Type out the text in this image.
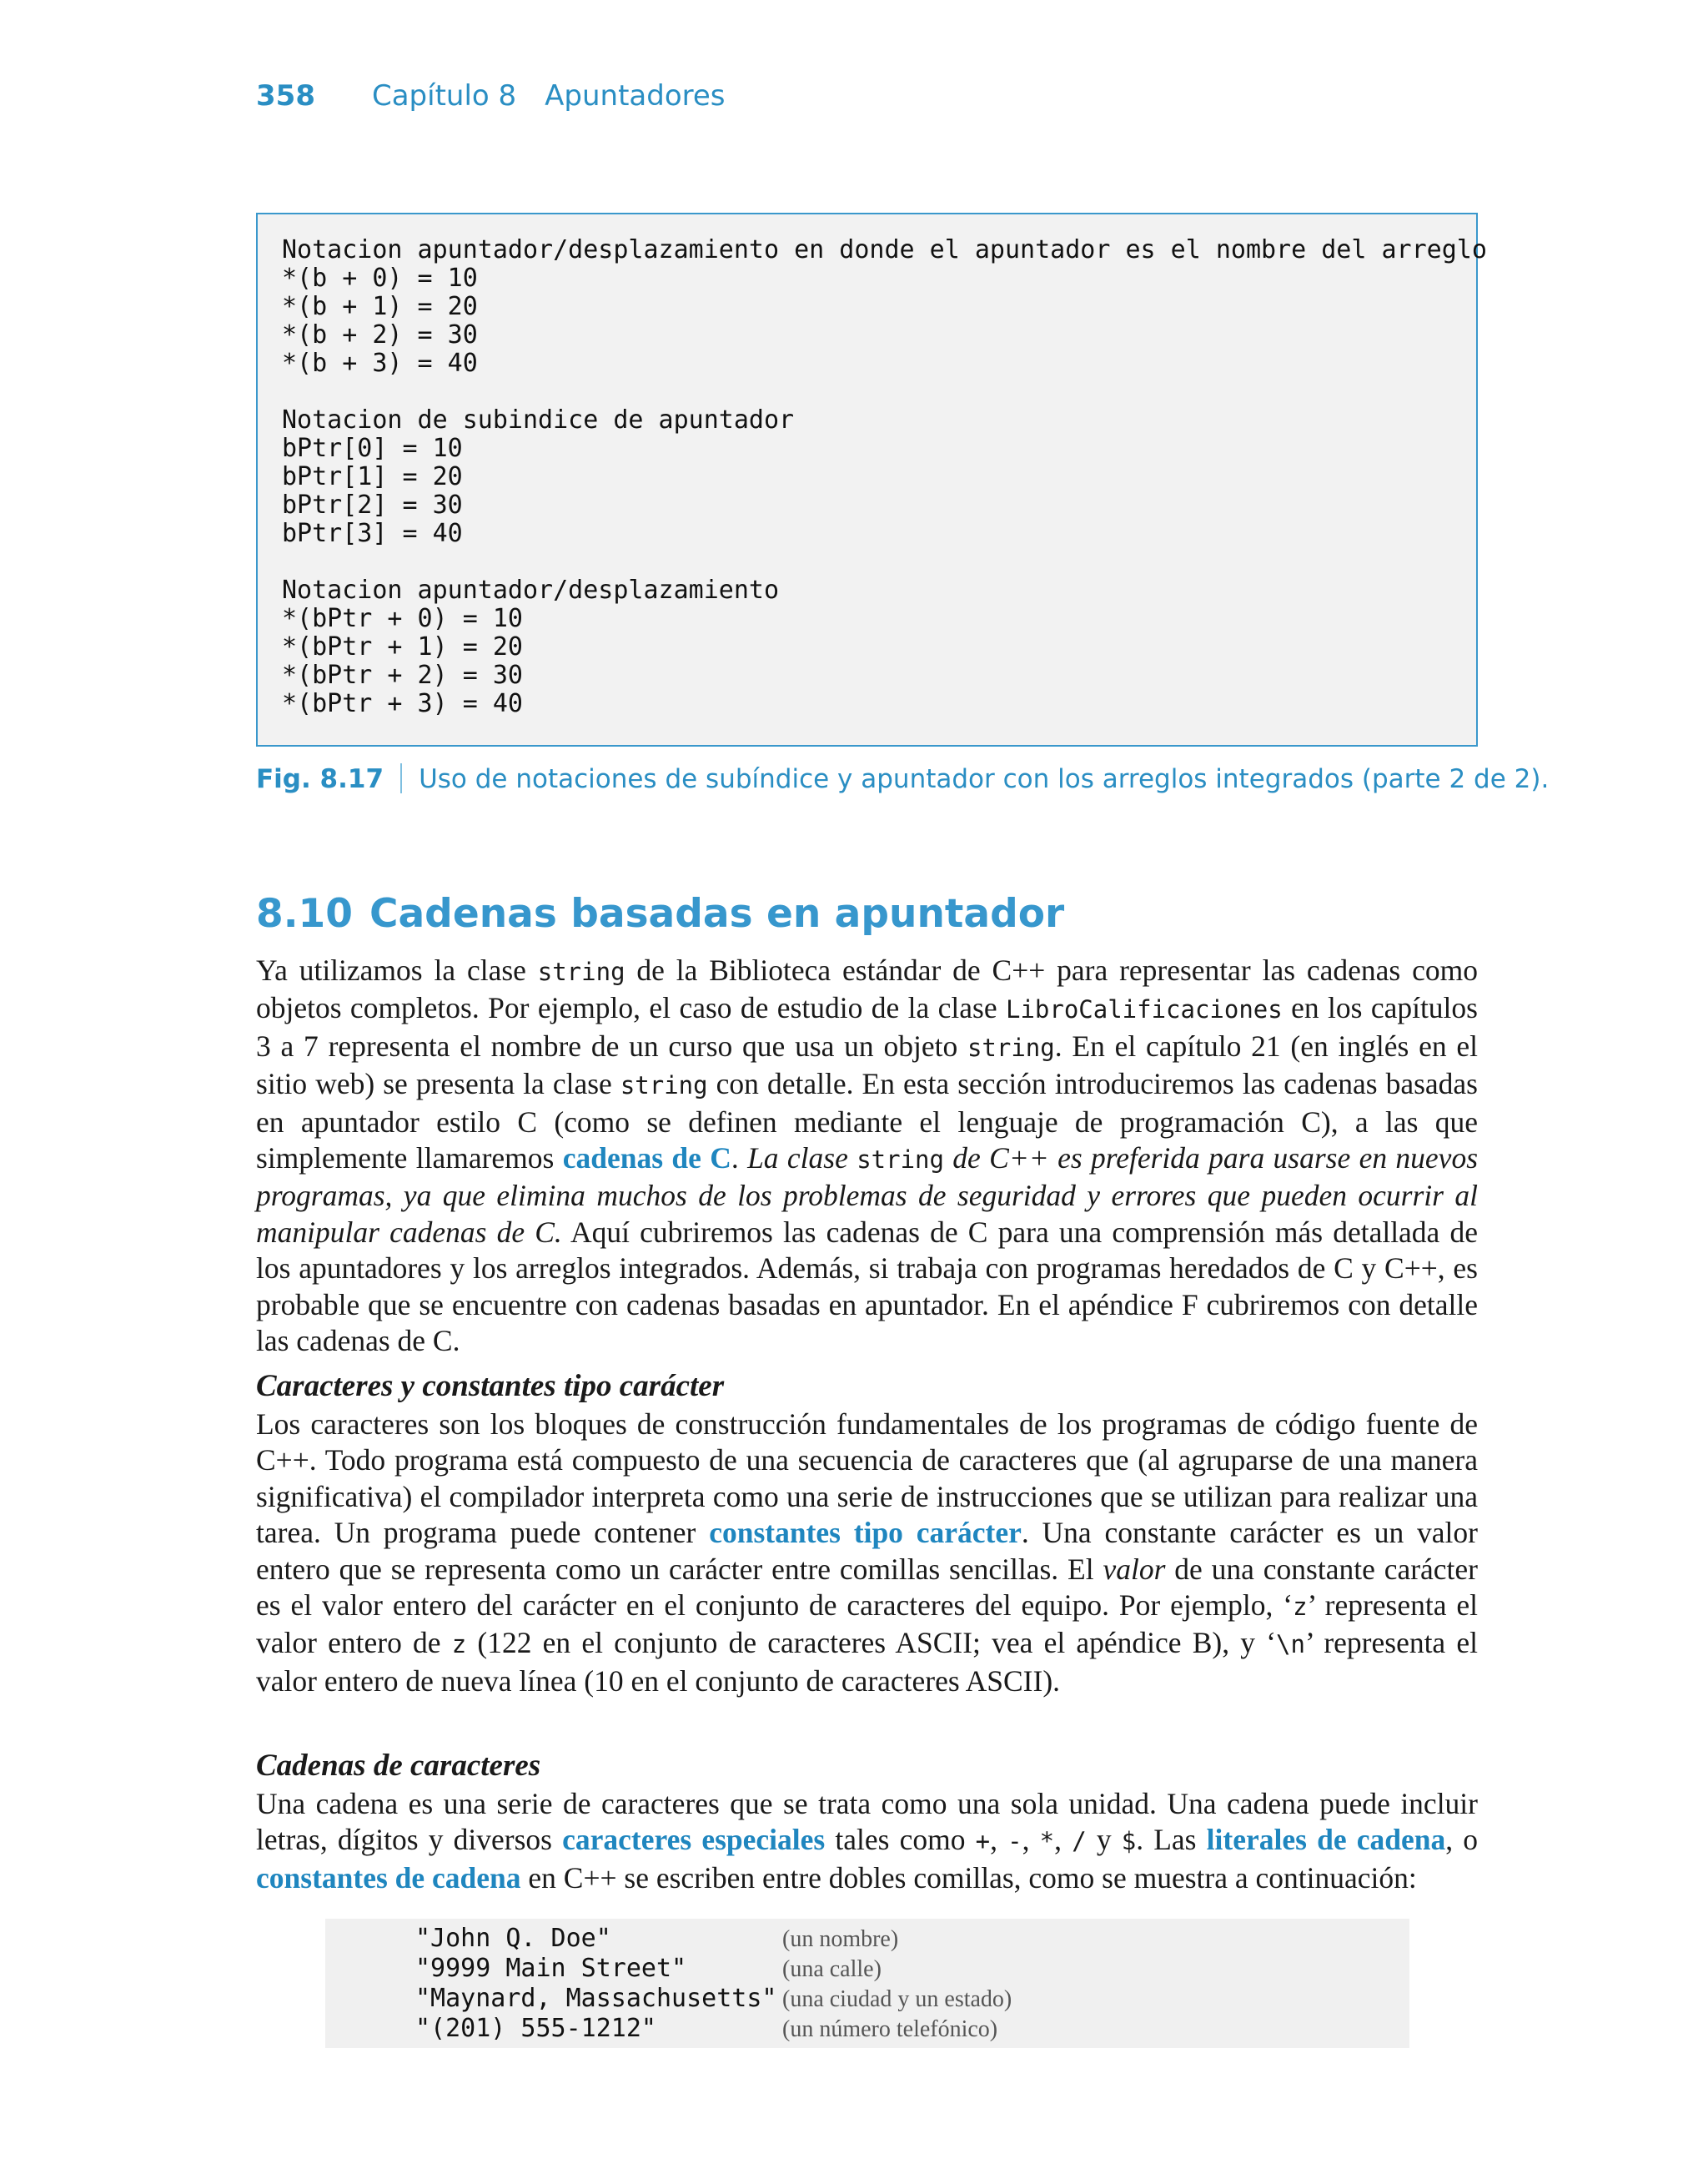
358 Capítulo 8 Apuntadores
Notacion apuntador/desplazamiento en donde el apuntador es el nombre del arreglo
*(b + 0) = 10
*(b + 1) = 20
*(b + 2) = 30
*(b + 3) = 40
Notacion de subindice de apuntador
bPtr[0] = 10
bPtr[1] = 20
bPtr[2] = 30
bPtr[3] = 40
Notacion apuntador/desplazamiento
*(bPtr + 0) = 10
*(bPtr + 1) = 20
*(bPtr + 2) = 30
*(bPtr + 3) = 40
Fig. 8.17 Uso de notaciones de subíndice y apuntador con los arreglos integrados (parte 2 de 2).
8.10 Cadenas basadas en apuntador
Ya utilizamos la clase string de la Biblioteca estándar de C++ para representar las cadenas como objetos completos. Por ejemplo, el caso de estudio de la clase LibroCalificaciones en los capítulos 3 a 7 representa el nombre de un curso que usa un objeto string. En el capítulo 21 (en inglés en el sitio web) se presenta la clase string con detalle. En esta sección introduciremos las cadenas basadas en apuntador estilo C (como se definen mediante el lenguaje de programación C), a las que simplemente llamaremos cadenas de C. La clase string de C++ es preferida para usarse en nuevos programas, ya que elimina muchos de los problemas de seguridad y errores que pueden ocurrir al manipular cadenas de C. Aquí cubriremos las cadenas de C para una comprensión más detallada de los apuntadores y los arreglos integrados. Además, si trabaja con programas heredados de C y C++, es probable que se encuentre con cadenas basadas en apuntador. En el apéndice F cubriremos con detalle las cadenas de C.
Caracteres y constantes tipo carácter
Los caracteres son los bloques de construcción fundamentales de los programas de código fuente de C++. Todo programa está compuesto de una secuencia de caracteres que (al agruparse de una manera significativa) el compilador interpreta como una serie de instrucciones que se utilizan para realizar una tarea. Un programa puede contener constantes tipo carácter. Una constante carácter es un valor entero que se representa como un carácter entre comillas sencillas. El valor de una constante carácter es el valor entero del carácter en el conjunto de caracteres del equipo. Por ejemplo, ‘z’ representa el valor entero de z (122 en el conjunto de caracteres ASCII; vea el apéndice B), y ‘\n’ representa el valor entero de nueva línea (10 en el conjunto de caracteres ASCII).
Cadenas de caracteres
Una cadena es una serie de caracteres que se trata como una sola unidad. Una cadena puede incluir letras, dígitos y diversos caracteres especiales tales como +, -, *, / y $. Las literales de cadena, o constantes de cadena en C++ se escriben entre dobles comillas, como se muestra a continuación:
"John Q. Doe"	(un nombre)
"9999 Main Street"	(una calle)
"Maynard, Massachusetts" (una ciudad y un estado)
"(201) 555-1212"	(un número telefónico)
